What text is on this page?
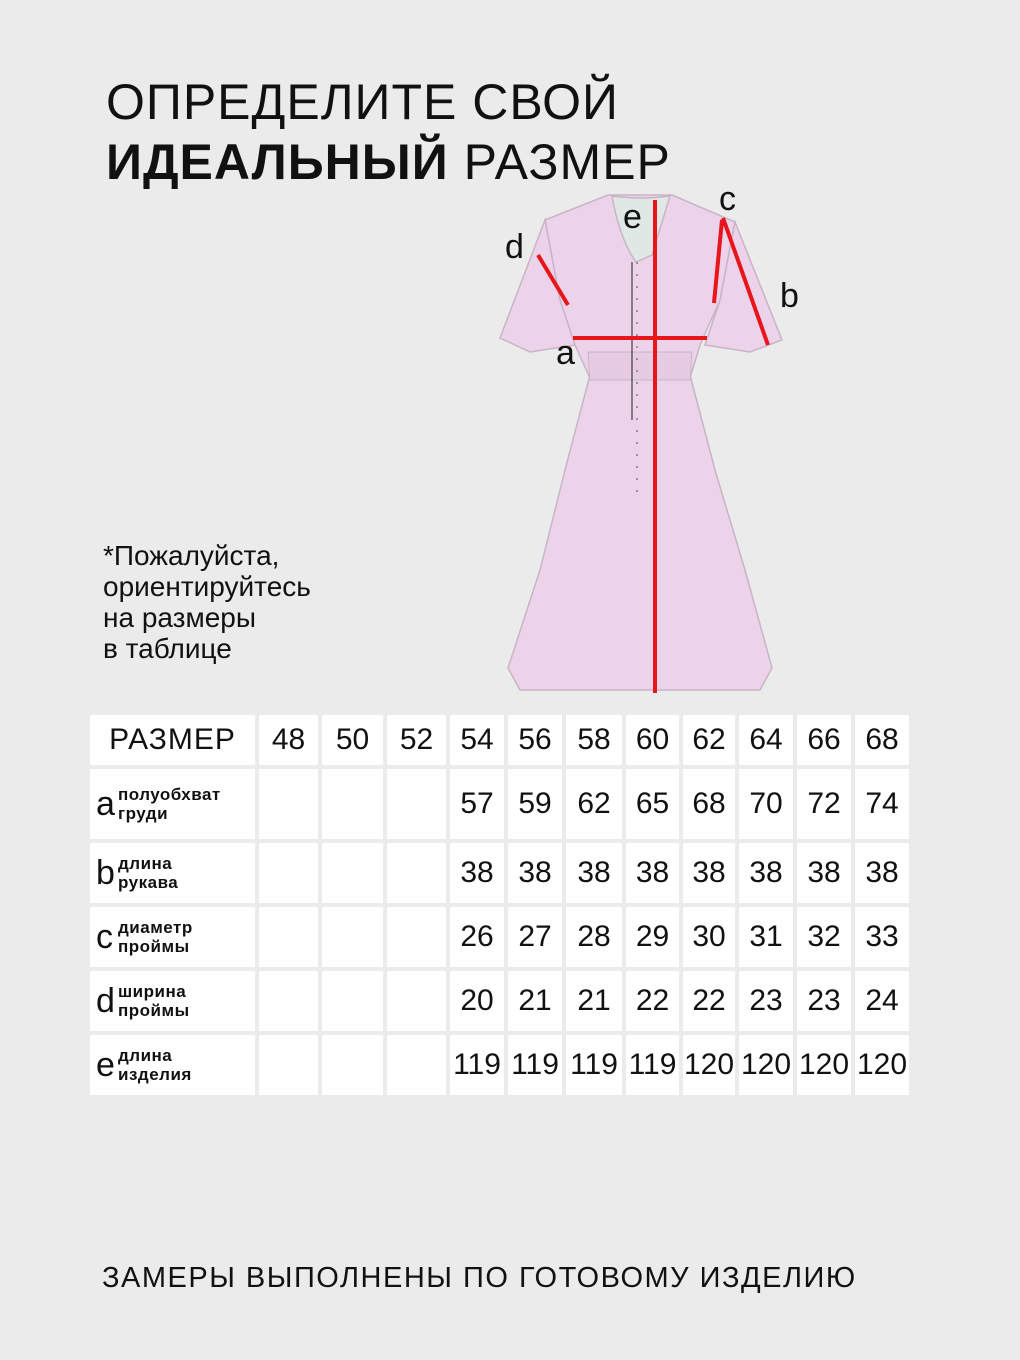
ОПРЕДЕЛИТЕ СВОЙ
ИДЕАЛЬНЫЙ РАЗМЕР
e
a
d
c
b
*Пожалуйста,
ориентируйтесь
на размеры
в таблице
РАЗМЕР	48	50	52	54	56	58	60	62	64	66	68
a полуобхват
груди				57	59	62	65	68	70	72	74
b длина
рукава				38	38	38	38	38	38	38	38
c диаметр
проймы				26	27	28	29	30	31	32	33
d ширина
проймы				20	21	21	22	22	23	23	24
e длина
изделия				119	119	119	119	120	120	120	120
ЗАМЕРЫ ВЫПОЛНЕНЫ ПО ГОТОВОМУ ИЗДЕЛИЮ
